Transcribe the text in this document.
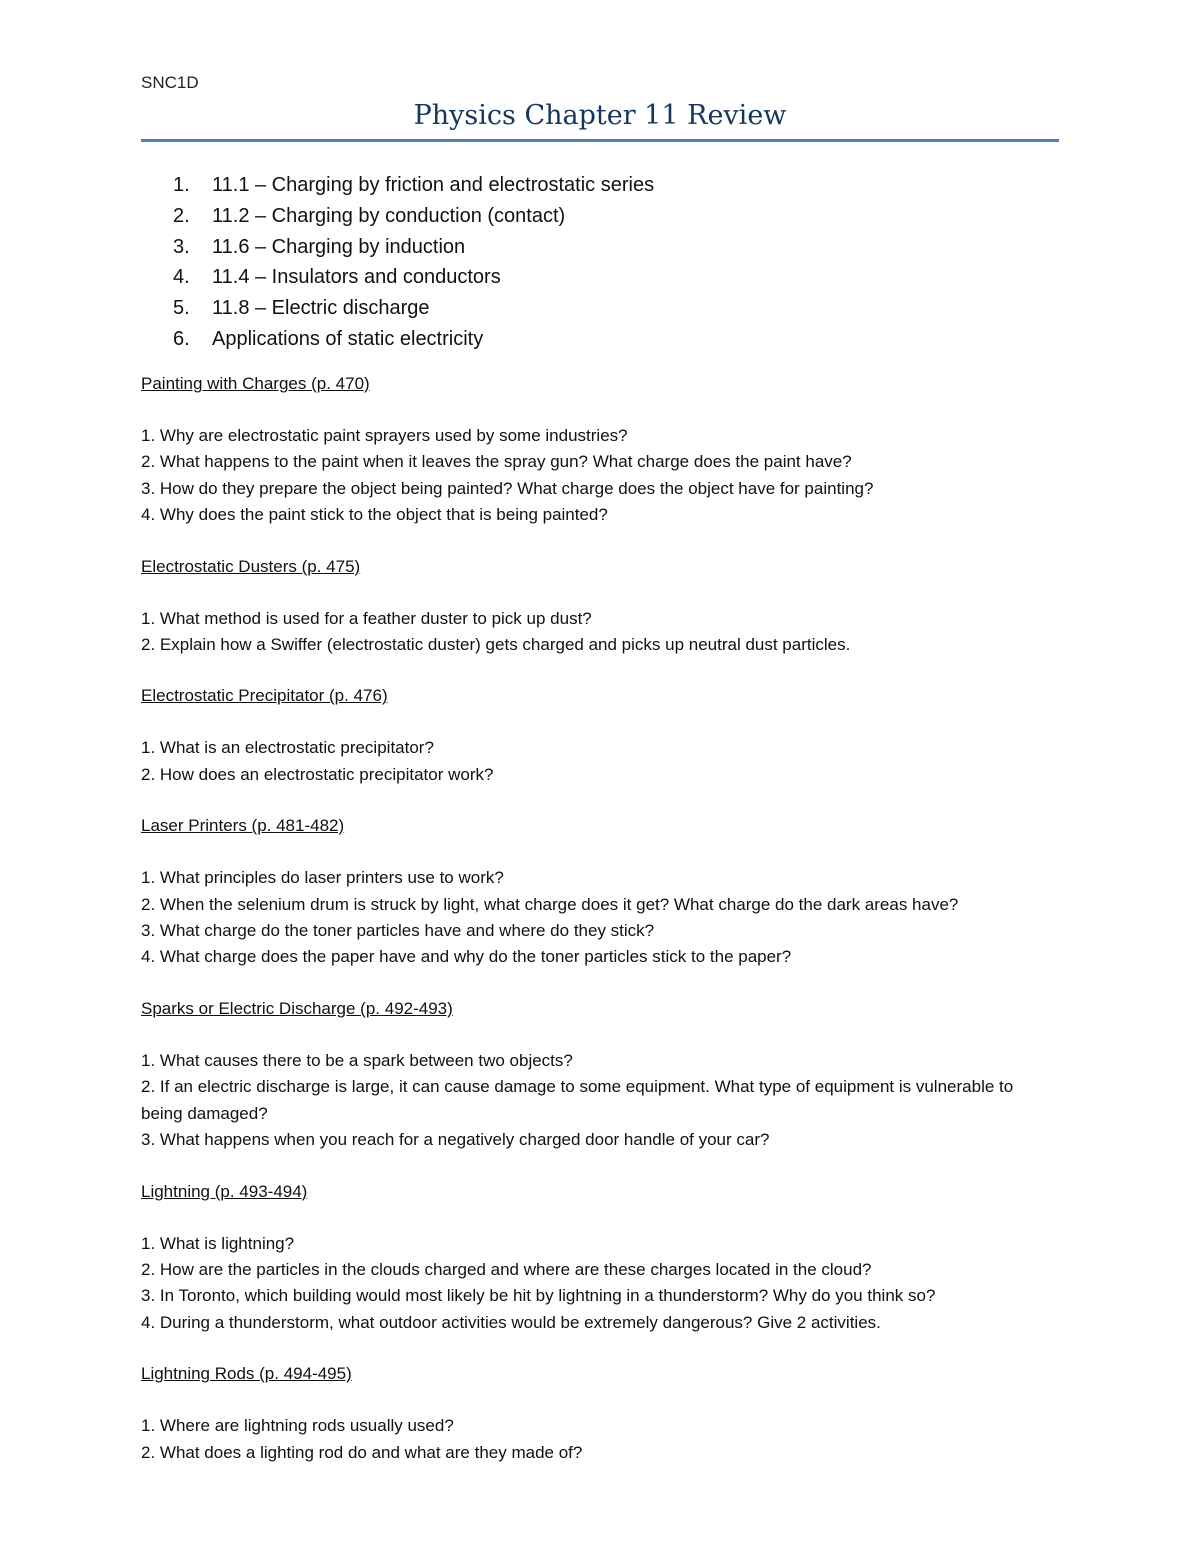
SNC1D
Physics Chapter 11 Review
1.	11.1 – Charging by friction and electrostatic series
2.	11.2 – Charging by conduction (contact)
3.	11.6 – Charging by induction
4.	11.4 – Insulators and conductors
5.	11.8 – Electric discharge
6.	Applications of static electricity
Painting with Charges (p. 470)
1. Why are electrostatic paint sprayers used by some industries?
2. What happens to the paint when it leaves the spray gun? What charge does the paint have?
3. How do they prepare the object being painted? What charge does the object have for painting?
4. Why does the paint stick to the object that is being painted?
Electrostatic Dusters (p. 475)
1. What method is used for a feather duster to pick up dust?
2. Explain how a Swiffer (electrostatic duster) gets charged and picks up neutral dust particles.
Electrostatic Precipitator (p. 476)
1. What is an electrostatic precipitator?
2. How does an electrostatic precipitator work?
Laser Printers (p. 481-482)
1. What principles do laser printers use to work?
2. When the selenium drum is struck by light, what charge does it get? What charge do the dark areas have?
3. What charge do the toner particles have and where do they stick?
4. What charge does the paper have and why do the toner particles stick to the paper?
Sparks or Electric Discharge (p. 492-493)
1. What causes there to be a spark between two objects?
2. If an electric discharge is large, it can cause damage to some equipment. What type of equipment is vulnerable to being damaged?
3. What happens when you reach for a negatively charged door handle of your car?
Lightning (p. 493-494)
1. What is lightning?
2. How are the particles in the clouds charged and where are these charges located in the cloud?
3. In Toronto, which building would most likely be hit by lightning in a thunderstorm? Why do you think so?
4. During a thunderstorm, what outdoor activities would be extremely dangerous? Give 2 activities.
Lightning Rods (p. 494-495)
1. Where are lightning rods usually used?
2. What does a lighting rod do and what are they made of?
